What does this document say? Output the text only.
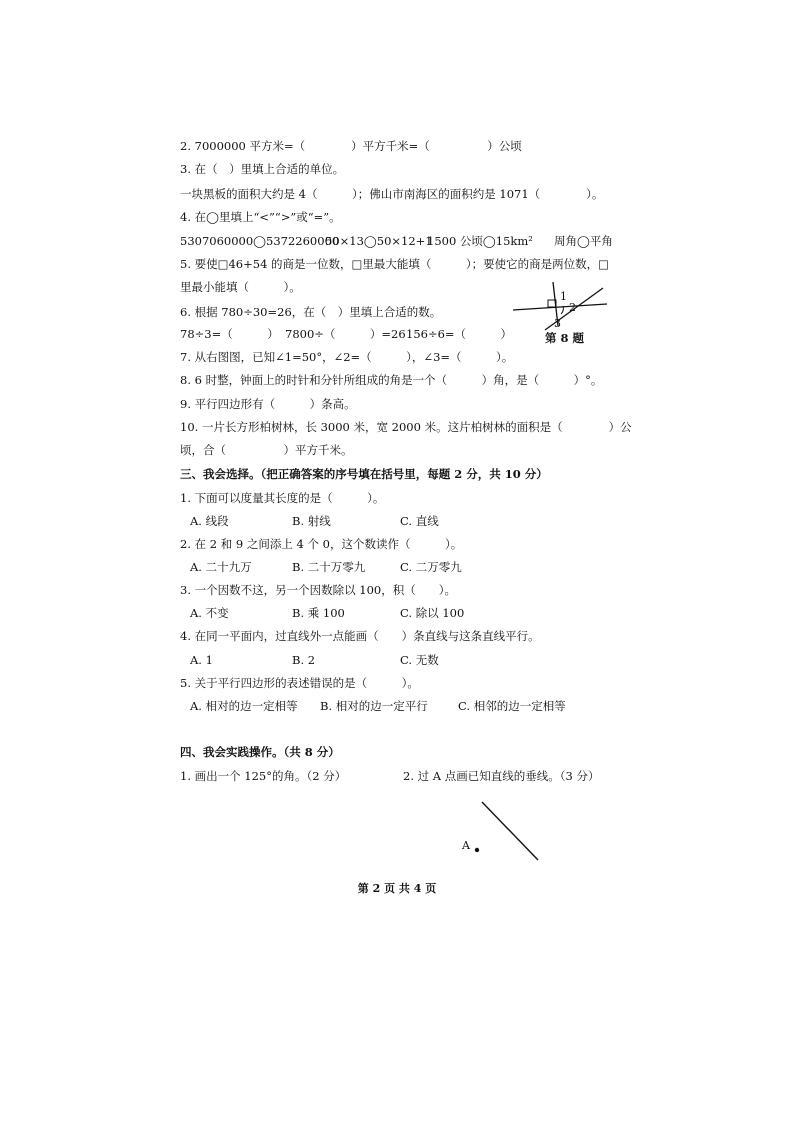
2. 7000000 平方米=（　　　　）平方千米=（　　　　　）公顷
3. 在（　）里填上合适的单位。
一块黑板的面积大约是 4（　　　）；佛山市南海区的面积约是 1071（　　　　）。
4. 在◯里填上“<”“>”或“=”。
5307060000◯5372260000
50×13◯50×12+1
1500 公顷◯15km² 周角◯平角
5. 要使□46+54 的商是一位数，□里最大能填（　　　）；要使它的商是两位数，□
里最小能填（　　　）。
6. 根据 780÷30=26，在（　）里填上合适的数。
78÷3=（　　　） 7800÷（　　　）=26 156÷6=（　　　）
1
2
3
第 8 题
7. 从右图图，已知∠1=50°，∠2=（　　　），∠3=（　　　）。
8. 6 时整，钟面上的时针和分针所组成的角是一个（　　　）角，是（　　　）°。
9. 平行四边形有（　　　）条高。
10. 一片长方形柏树林，长 3000 米，宽 2000 米。这片柏树林的面积是（　　　　）公
顷，合（　　　　　）平方千米。
三、我会选择。（把正确答案的序号填在括号里，每题 2 分，共 10 分）
1. 下面可以度量其长度的是（　　　）。
A. 线段	B. 射线	C. 直线
2. 在 2 和 9 之间添上 4 个 0，这个数读作（　　　）。
A. 二十九万	B. 二十万零九	C. 二万零九
3. 一个因数不这，另一个因数除以 100，积（　　）。
A. 不变	B. 乘 100	C. 除以 100
4. 在同一平面内，过直线外一点能画（　　）条直线与这条直线平行。
A. 1	B. 2	C. 无数
5. 关于平行四边形的表述错误的是（　　　）。
A. 相对的边一定相等 B. 相对的边一定平行	C. 相邻的边一定相等
四、我会实践操作。（共 8 分）
1. 画出一个 125°的角。（2 分）	2. 过 A 点画已知直线的垂线。（3 分）
A
第 2 页 共 4 页
